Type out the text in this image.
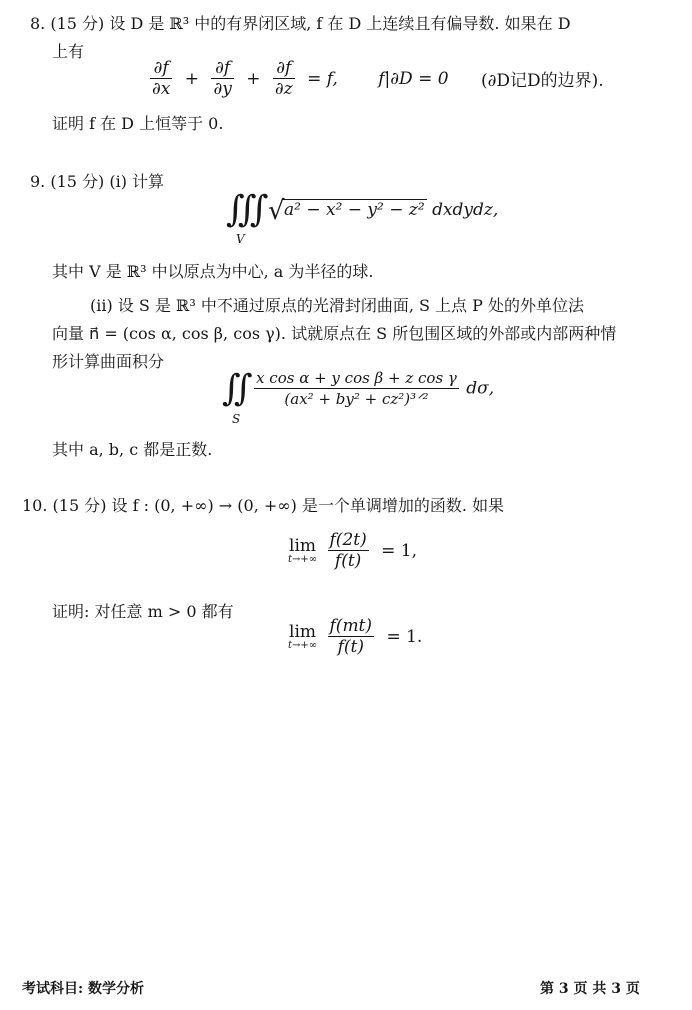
8. (15 分) 设 D 是 ℝ³ 中的有界闭区域, f 在 D 上连续且有偏导数. 如果在 D
上有
$\frac{\partial f}{\partial x} + \frac{\partial f}{\partial y} + \frac{\partial f}{\partial z} = f$, f|∂D = 0 (∂D记D的边界).
证明 f 在 D 上恒等于 0.
9. (15 分) (i) 计算
∭ √ a² − x² − y² − z² dxdydz,
V
其中 V 是 ℝ³ 中以原点为中心, a 为半径的球.
(ii) 设 S 是 ℝ³ 中不通过原点的光滑封闭曲面, S 上点 P 处的外单位法
向量 n⃗ = (cos α, cos β, cos γ). 试就原点在 S 所包围区域的外部或内部两种情
形计算曲面积分
∬ $\frac{\text{x cos α + y cos β + z cos γ}}{\text{(ax² + by² + cz²)³ᐟ²}} d\sigma$,
S
其中 a, b, c 都是正数.
10. (15 分) 设 f : (0, +∞) → (0, +∞) 是一个单调增加的函数. 如果
lim
t→+∞
$\frac{f(2t)}{f(t)} = 1$,
证明: 对任意 m > 0 都有
lim
t→+∞
$\frac{f(mt)}{f(t)} = 1$.
考试科目: 数学分析	第 3 页 共 3 页
